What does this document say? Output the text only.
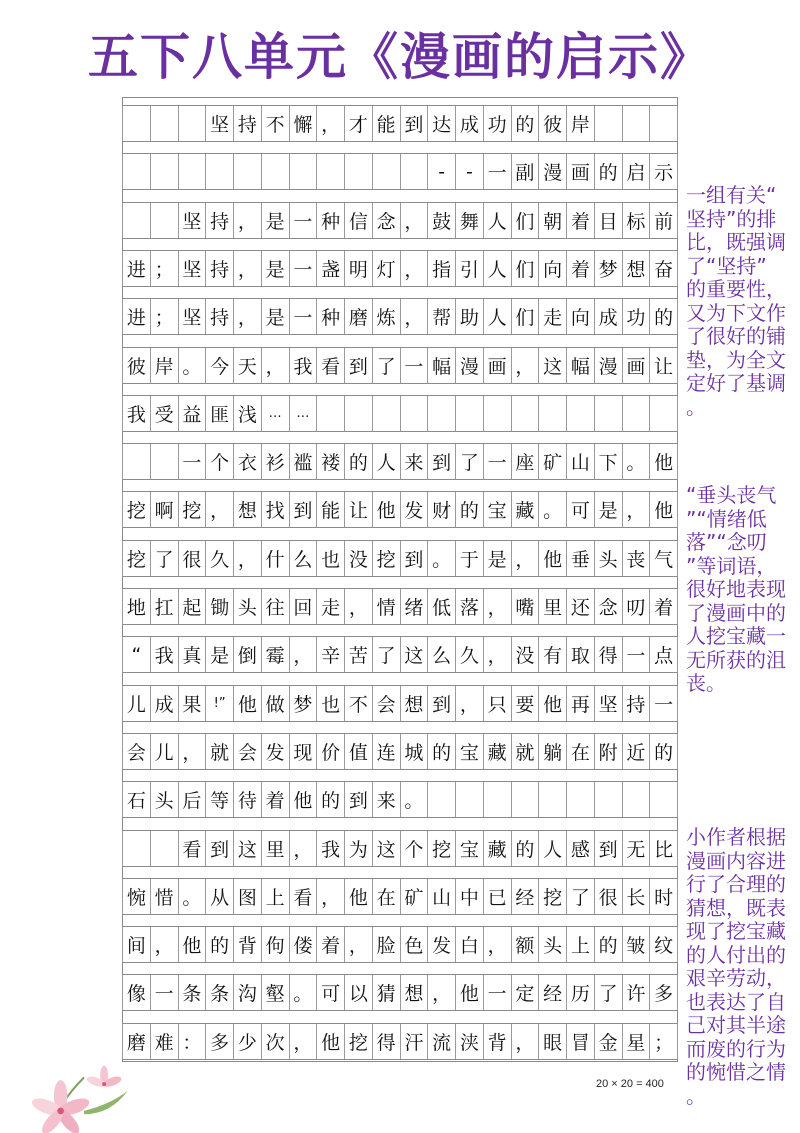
五下八单元《漫画的启示》
坚 持 不 懈 ， 才 能 到 达 成 功 的 彼 岸
-	- 一 副 漫 画 的 启 示
坚 持 ， 是 一 种 信 念 ， 鼓 舞 人 们 朝 着 目 标 前
进 ； 坚 持 ， 是 一 盏 明 灯 ， 指 引 人 们 向 着 梦 想 奋
进 ； 坚 持 ， 是 一 种 磨 炼 ， 帮 助 人 们 走 向 成 功 的
彼 岸 。 今 天 ， 我 看 到 了 一 幅 漫 画 ， 这 幅 漫 画 让
我 受 益 匪 浅 …	…
一 个 衣 衫 褴 褛 的 人 来 到 了 一 座 矿 山 下 。 他
挖 啊 挖 ， 想 找 到 能 让 他 发 财 的 宝 藏 。 可 是 ， 他
挖 了 很 久 ， 什 么 也 没 挖 到 。 于 是 ， 他 垂 头 丧 气
地 扛 起 锄 头 往 回 走 ， 情 绪 低 落 ， 嘴 里 还 念 叨 着
“ 我 真 是 倒 霉 ， 辛 苦 了 这 么 久 ， 没 有 取 得 一 点
儿 成 果 !” 他 做 梦 也 不 会 想 到 ， 只 要 他 再 坚 持 一
会 儿 ， 就 会 发 现 价 值 连 城 的 宝 藏 就 躺 在 附 近 的
石 头 后 等 待 着 他 的 到 来 。
看 到 这 里 ， 我 为 这 个 挖 宝 藏 的 人 感 到 无 比
惋 惜 。 从 图 上 看 ， 他 在 矿 山 中 已 经 挖 了 很 长 时
间 ， 他 的 背 佝 偻 着 ， 脸 色 发 白 ， 额 头 上 的 皱 纹
像 一 条 条 沟 壑 。 可 以 猜 想 ， 他 一 定 经 历 了 许 多
磨 难 ： 多 少 次 ， 他 挖 得 汗 流 浃 背 ， 眼 冒 金 星 ；
一组有关“
坚持”的排
比，既强调
了“坚持”
的重要性，
又为下文作
了很好的铺
垫，为全文
定好了基调
。
“垂头丧气
”“情绪低
落”“念叨
”等词语，
很好地表现
了漫画中的
人挖宝藏一
无所获的沮
丧。
小作者根据
漫画内容进
行了合理的
猜想，既表
现了挖宝藏
的人付出的
艰辛劳动，
也表达了自
己对其半途
而废的行为
的惋惜之情
。
20 × 20 = 400
